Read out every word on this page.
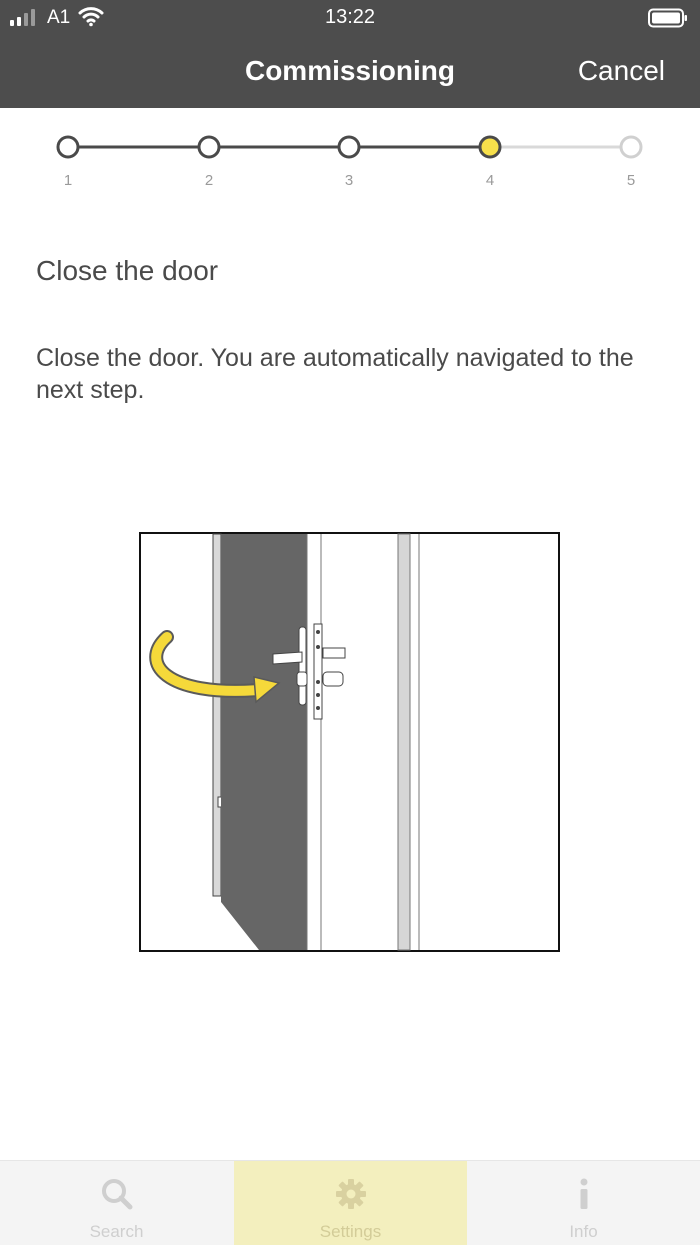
A1	13:22
Commissioning	Cancel
1	2	3	4	5
Close the door
Close the door. You are automatically navigated to the next step.
Search	Settings	Info
